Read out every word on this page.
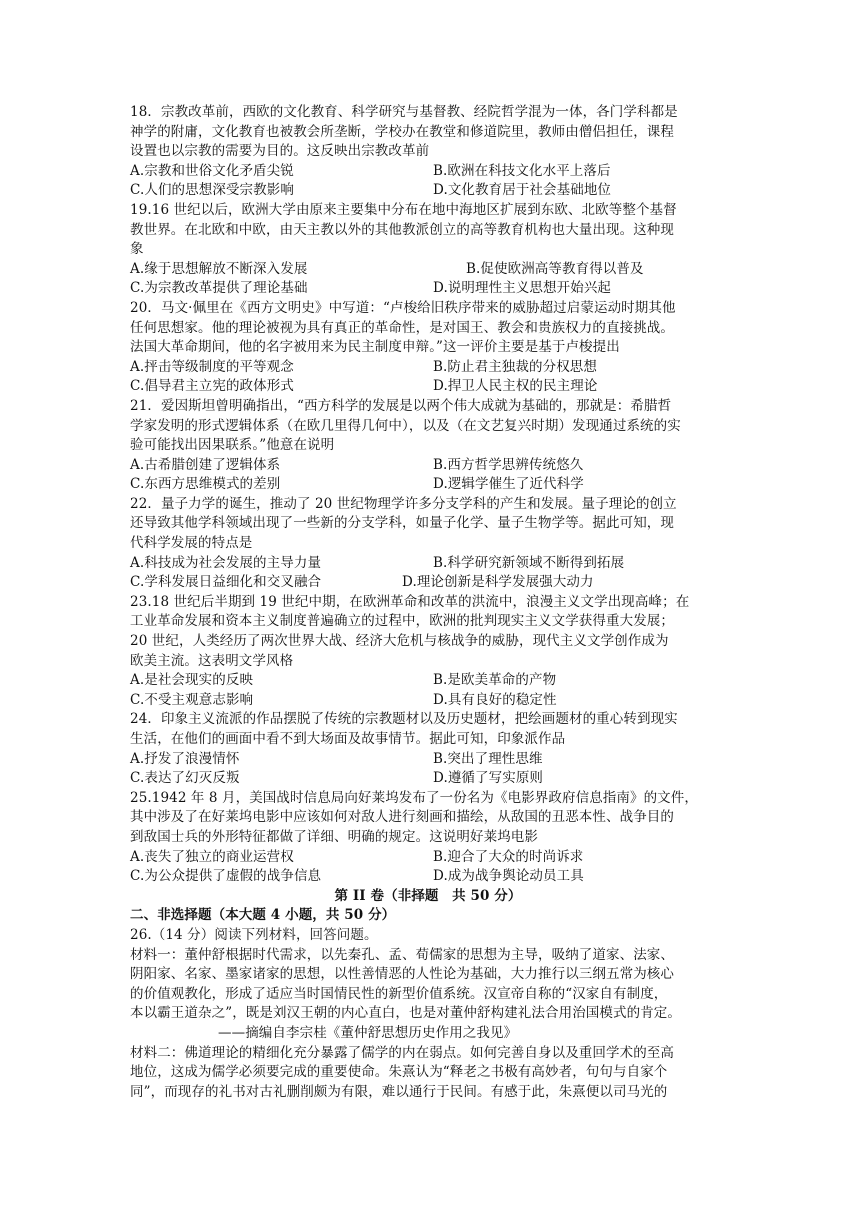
18．宗教改革前，西欧的文化教育、科学研究与基督教、经院哲学混为一体，各门学科都是
神学的附庸，文化教育也被教会所垄断，学校办在教堂和修道院里，教师由僧侣担任，课程
设置也以宗教的需要为目的。这反映出宗教改革前
A.宗教和世俗文化矛盾尖锐	B.欧洲在科技文化水平上落后
C.人们的思想深受宗教影响	D.文化教育居于社会基础地位
19.16 世纪以后，欧洲大学由原来主要集中分布在地中海地区扩展到东欧、北欧等整个基督
教世界。在北欧和中欧，由天主教以外的其他教派创立的高等教育机构也大量出现。这种现
象
A.缘于思想解放不断深入发展	B.促使欧洲高等教育得以普及
C.为宗教改革提供了理论基础	D.说明理性主义思想开始兴起
20．马文·佩里在《西方文明史》中写道：“卢梭给旧秩序带来的威胁超过启蒙运动时期其他
任何思想家。他的理论被视为具有真正的革命性，是对国王、教会和贵族权力的直接挑战。
法国大革命期间，他的名字被用来为民主制度申辩。”这一评价主要是基于卢梭提出
A.抨击等级制度的平等观念	B.防止君主独裁的分权思想
C.倡导君主立宪的政体形式	D.捍卫人民主权的民主理论
21．爱因斯坦曾明确指出，“西方科学的发展是以两个伟大成就为基础的，那就是：希腊哲
学家发明的形式逻辑体系（在欧几里得几何中），以及（在文艺复兴时期）发现通过系统的实
验可能找出因果联系。”他意在说明
A.古希腊创建了逻辑体系	B.西方哲学思辨传统悠久
C.东西方思维模式的差别	D.逻辑学催生了近代科学
22．量子力学的诞生，推动了 20 世纪物理学许多分支学科的产生和发展。量子理论的创立
还导致其他学科领域出现了一些新的分支学科，如量子化学、量子生物学等。据此可知，现
代科学发展的特点是
A.科技成为社会发展的主导力量	B.科学研究新领域不断得到拓展
C.学科发展日益细化和交叉融合	D.理论创新是科学发展强大动力
23.18 世纪后半期到 19 世纪中期，在欧洲革命和改革的洪流中，浪漫主义文学出现高峰；在
工业革命发展和资本主义制度普遍确立的过程中，欧洲的批判现实主义文学获得重大发展；
20 世纪，人类经历了两次世界大战、经济大危机与核战争的威胁，现代主义文学创作成为
欧美主流。这表明文学风格
A.是社会现实的反映	B.是欧美革命的产物
C.不受主观意志影响	D.具有良好的稳定性
24．印象主义流派的作品摆脱了传统的宗教题材以及历史题材，把绘画题材的重心转到现实
生活，在他们的画面中看不到大场面及故事情节。据此可知，印象派作品
A.抒发了浪漫情怀	B.突出了理性思维
C.表达了幻灭反叛	D.遵循了写实原则
25.1942 年 8 月，美国战时信息局向好莱坞发布了一份名为《电影界政府信息指南》的文件，
其中涉及了在好莱坞电影中应该如何对敌人进行刻画和描绘，从敌国的丑恶本性、战争目的
到敌国士兵的外形特征都做了详细、明确的规定。这说明好莱坞电影
A.丧失了独立的商业运营权	B.迎合了大众的时尚诉求
C.为公众提供了虚假的战争信息	D.成为战争舆论动员工具
第 II 卷（非择题　共 50 分）
二、非选择题（本大题 4 小题，共 50 分）
26.（14 分）阅读下列材料，回答问题。
材料一：董仲舒根据时代需求，以先秦孔、孟、荀儒家的思想为主导，吸纳了道家、法家、
阴阳家、名家、墨家诸家的思想，以性善情恶的人性论为基础，大力推行以三纲五常为核心
的价值观教化，形成了适应当时国情民性的新型价值系统。汉宣帝自称的“汉家自有制度，
本以霸王道杂之”，既是刘汉王朝的内心直白，也是对董仲舒构建礼法合用治国模式的肯定。
——摘编自李宗桂《董仲舒思想历史作用之我见》
材料二：佛道理论的精细化充分暴露了儒学的内在弱点。如何完善自身以及重回学术的至高
地位，这成为儒学必须要完成的重要使命。朱熹认为“释老之书极有高妙者，句句与自家个
同”，而现存的礼书对古礼删削颇为有限，难以通行于民间。有感于此，朱熹便以司马光的
